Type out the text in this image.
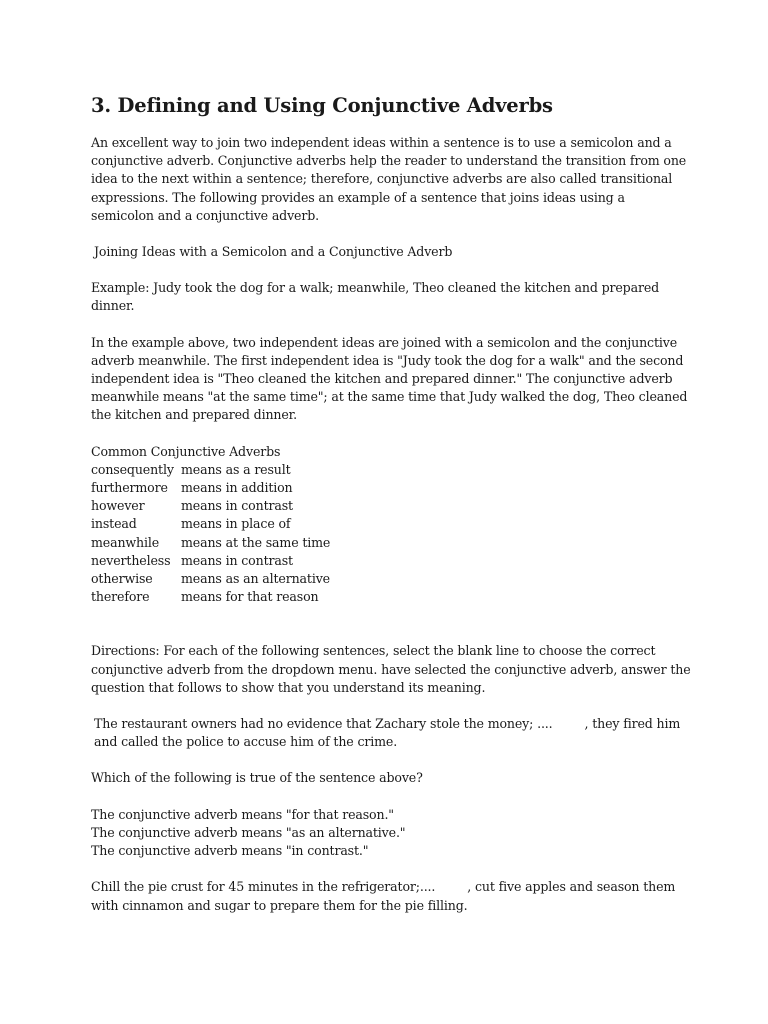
3. Defining and Using Conjunctive Adverbs

An excellent way to join two independent ideas within a sentence is to use a semicolon and a conjunctive adverb. Conjunctive adverbs help the reader to understand the transition from one idea to the next within a sentence; therefore, conjunctive adverbs are also called transitional expressions. The following provides an example of a sentence that joins ideas using a semicolon and a conjunctive adverb.

Joining Ideas with a Semicolon and a Conjunctive Adverb

Example: Judy took the dog for a walk; meanwhile, Theo cleaned the kitchen and prepared dinner.

In the example above, two independent ideas are joined with a semicolon and the conjunctive adverb meanwhile. The first independent idea is "Judy took the dog for a walk" and the second independent idea is "Theo cleaned the kitchen and prepared dinner." The conjunctive adverb meanwhile means "at the same time"; at the same time that Judy walked the dog, Theo cleaned the kitchen and prepared dinner.

Common Conjunctive Adverbs

consequently means as a result
furthermore	means in addition
however	means in contrast
instead	means in place of
meanwhile	means at the same time
nevertheless means in contrast
otherwise	means as an alternative
therefore	means for that reason

Directions: For each of the following sentences, select the blank line to choose the correct conjunctive adverb from the dropdown menu. have selected the conjunctive adverb, answer the question that follows to show that you understand its meaning.

The restaurant owners had no evidence that Zachary stole the money; ....    , they fired him and called the police to accuse him of the crime.

Which of the following is true of the sentence above?

The conjunctive adverb means "for that reason."

The conjunctive adverb means "as an alternative."

The conjunctive adverb means "in contrast."

Chill the pie crust for 45 minutes in the refrigerator;....    , cut five apples and season them with cinnamon and sugar to prepare them for the pie filling.
